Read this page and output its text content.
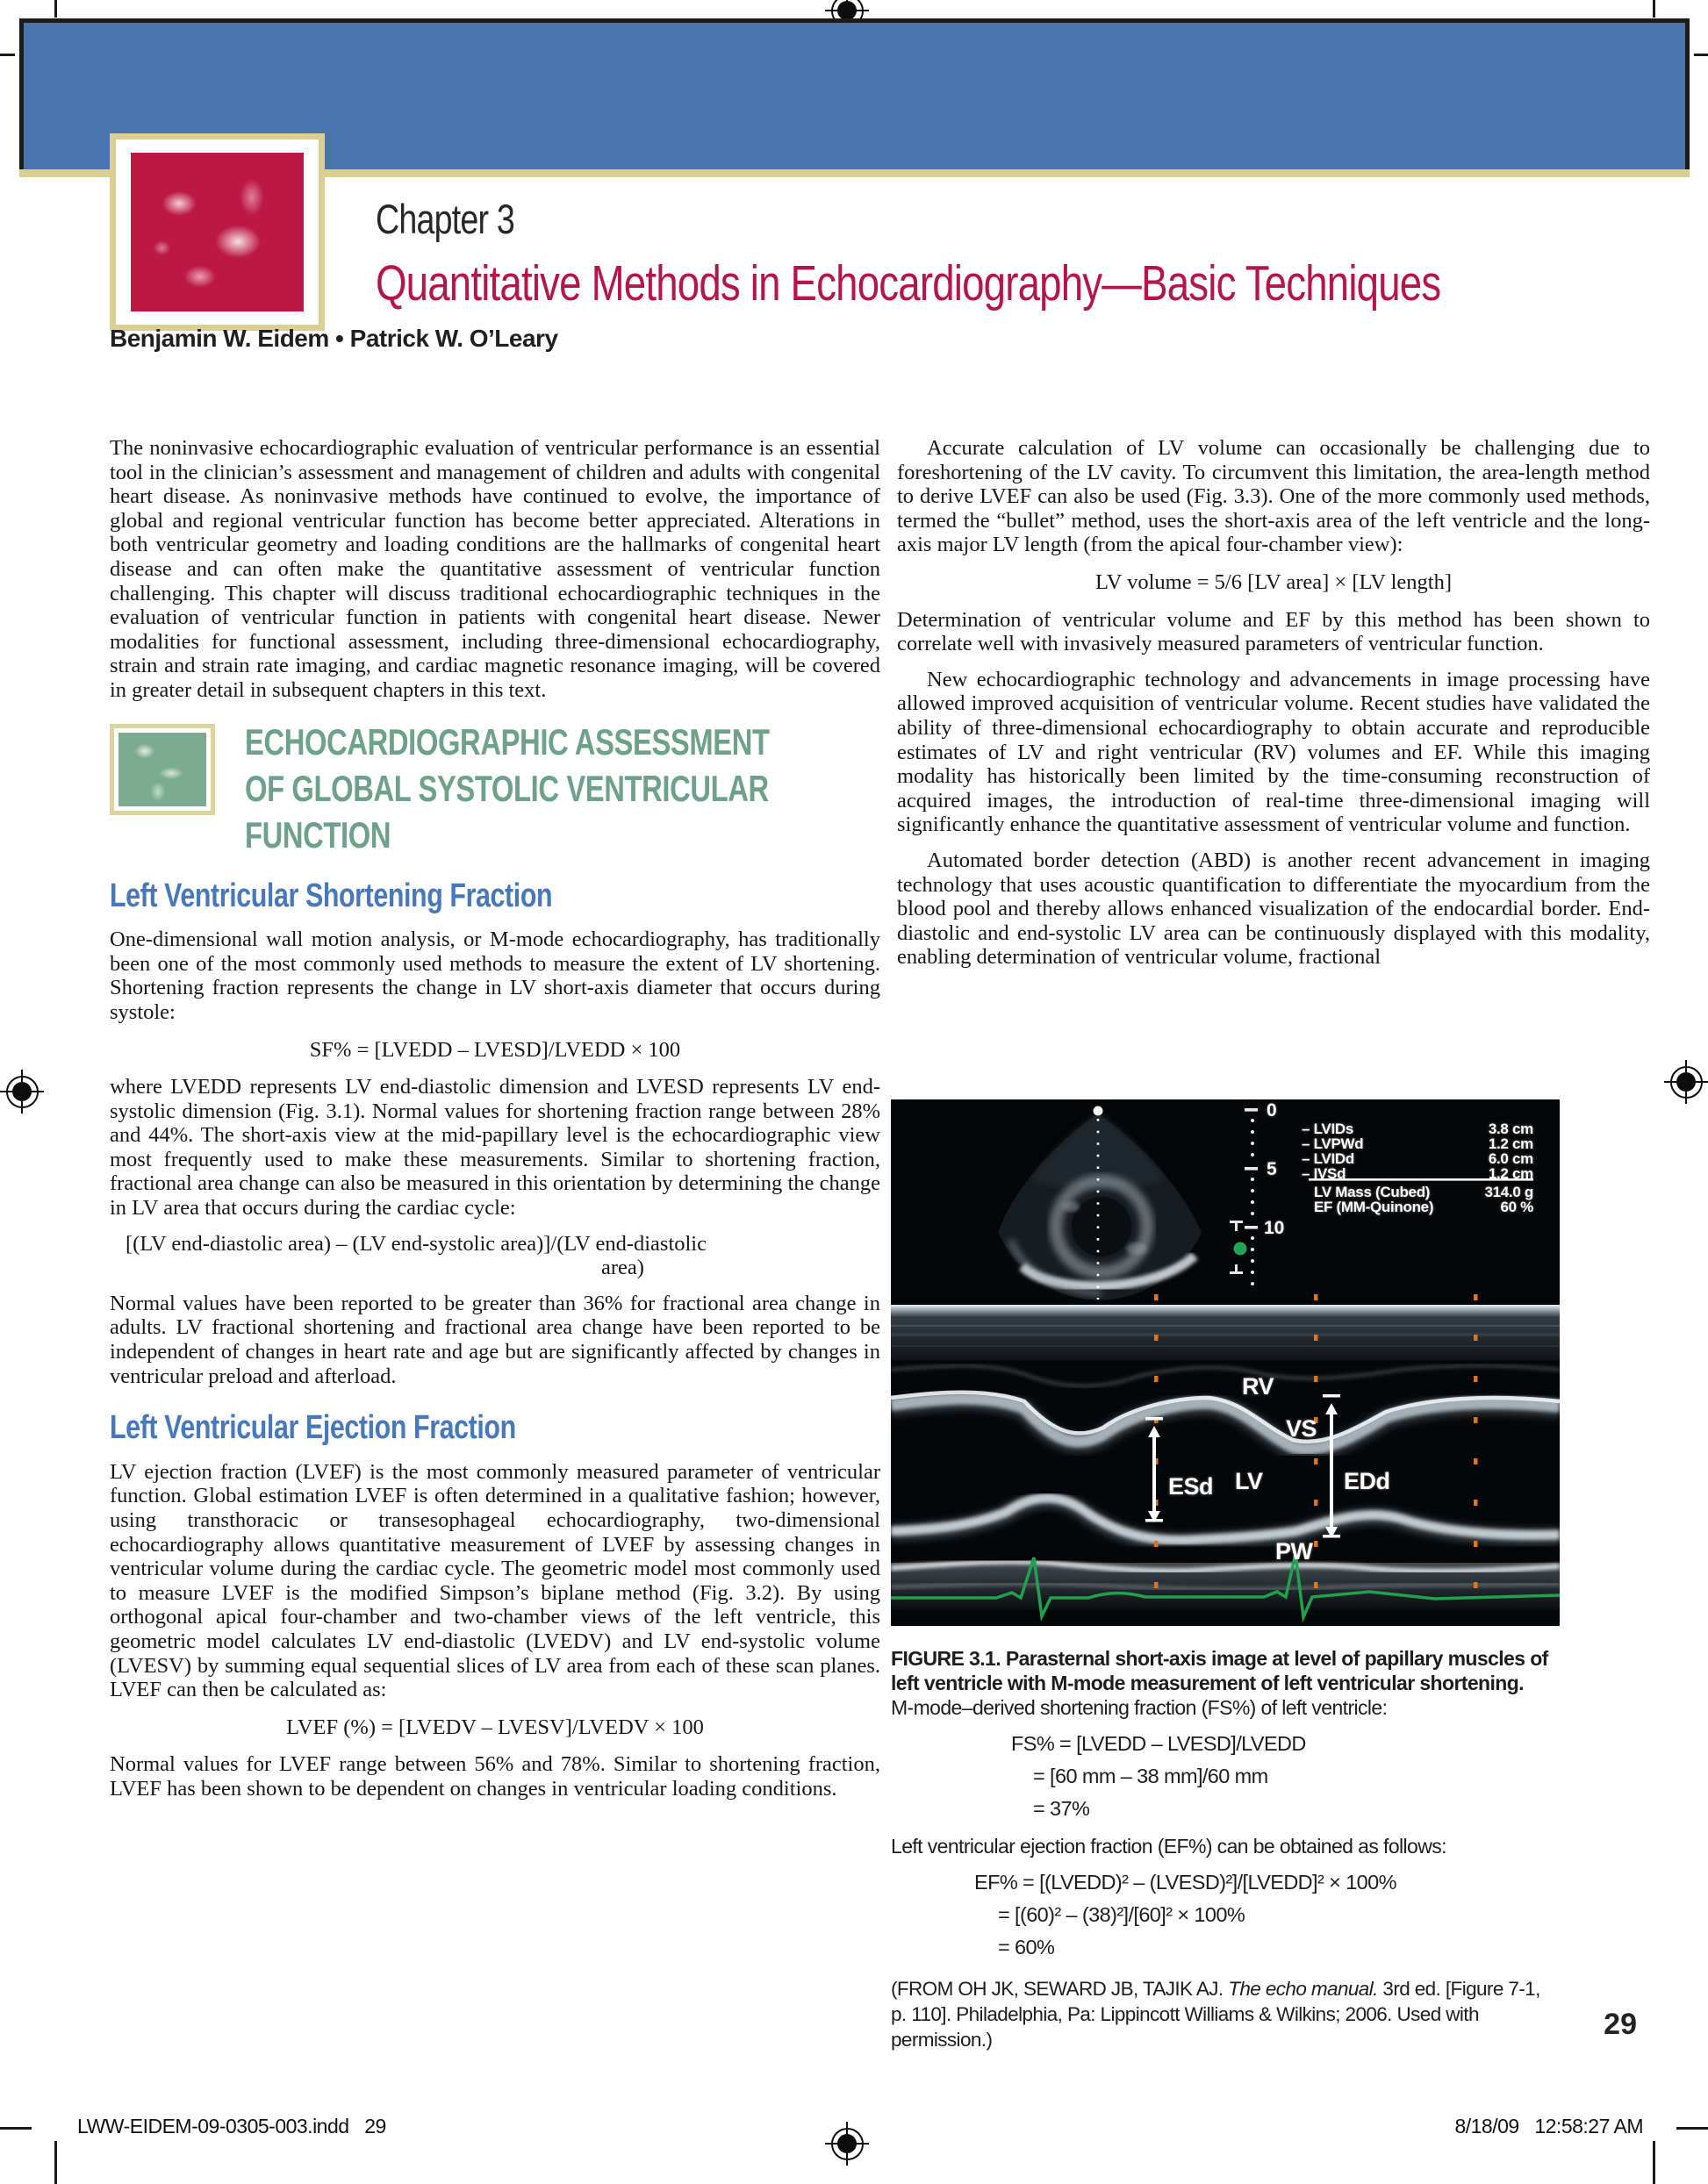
Chapter 3
Quantitative Methods in Echocardiography—Basic Techniques
Benjamin W. Eidem • Patrick W. O’Leary

The noninvasive echocardiographic evaluation of ventricular performance is an essential tool in the clinician’s assessment and management of children and adults with congenital heart disease. As noninvasive methods have continued to evolve, the importance of global and regional ventricular function has become better appreciated. Alterations in both ventricular geometry and loading conditions are the hallmarks of congenital heart disease and can often make the quantitative assessment of ventricular function challenging. This chapter will discuss traditional echocardiographic techniques in the evaluation of ventricular function in patients with congenital heart disease. Newer modalities for functional assessment, including three-dimensional echocardiography, strain and strain rate imaging, and cardiac magnetic resonance imaging, will be covered in greater detail in subsequent chapters in this text.

ECHOCARDIOGRAPHIC ASSESSMENT
OF GLOBAL SYSTOLIC VENTRICULAR
FUNCTION
Left Ventricular Shortening Fraction

One-dimensional wall motion analysis, or M-mode echocardiography, has traditionally been one of the most commonly used methods to measure the extent of LV shortening. Shortening fraction represents the change in LV short-axis diameter that occurs during systole:

SF% = [LVEDD – LVESD]/LVEDD × 100

where LVEDD represents LV end-diastolic dimension and LVESD represents LV end-systolic dimension (Fig. 3.1). Normal values for shortening fraction range between 28% and 44%. The short-axis view at the mid-papillary level is the echocardiographic view most frequently used to make these measurements. Similar to shortening fraction, fractional area change can also be measured in this orientation by determining the change in LV area that occurs during the cardiac cycle:

[(LV end-diastolic area) – (LV end-systolic area)]/(LV end-diastolic
area)

Normal values have been reported to be greater than 36% for fractional area change in adults. LV fractional shortening and fractional area change have been reported to be independent of changes in heart rate and age but are significantly affected by changes in ventricular preload and afterload.

Left Ventricular Ejection Fraction

LV ejection fraction (LVEF) is the most commonly measured parameter of ventricular function. Global estimation LVEF is often determined in a qualitative fashion; however, using transthoracic or transesophageal echocardiography, two-dimensional echocardiography allows quantitative measurement of LVEF by assessing changes in ventricular volume during the cardiac cycle. The geometric model most commonly used to measure LVEF is the modified Simpson’s biplane method (Fig. 3.2). By using orthogonal apical four-chamber and two-chamber views of the left ventricle, this geometric model calculates LV end-diastolic (LVEDV) and LV end-systolic volume (LVESV) by summing equal sequential slices of LV area from each of these scan planes. LVEF can then be calculated as:

LVEF (%) = [LVEDV – LVESV]/LVEDV × 100

Normal values for LVEF range between 56% and 78%. Similar to shortening fraction, LVEF has been shown to be dependent on changes in ventricular loading conditions.

Accurate calculation of LV volume can occasionally be challenging due to foreshortening of the LV cavity. To circumvent this limitation, the area-length method to derive LVEF can also be used (Fig. 3.3). One of the more commonly used methods, termed the “bullet” method, uses the short-axis area of the left ventricle and the long-axis major LV length (from the apical four-chamber view):

LV volume = 5/6 [LV area] × [LV length]

Determination of ventricular volume and EF by this method has been shown to correlate well with invasively measured parameters of ventricular function.

New echocardiographic technology and advancements in image processing have allowed improved acquisition of ventricular volume. Recent studies have validated the ability of three-dimensional echocardiography to obtain accurate and reproducible estimates of LV and right ventricular (RV) volumes and EF. While this imaging modality has historically been limited by the time-consuming reconstruction of acquired images, the introduction of real-time three-dimensional imaging will significantly enhance the quantitative assessment of ventricular volume and function.

Automated border detection (ABD) is another recent advancement in imaging technology that uses acoustic quantification to differentiate the myocardium from the blood pool and thereby allows enhanced visualization of the endocardial border. End-diastolic and end-systolic LV area can be continuously displayed with this modality, enabling determination of ventricular volume, fractional

0
5
10
– LVIDs	3.8 cm
– LVPWd	1.2 cm
– LVIDd	6.0 cm
– IVSd	1.2 cm
LV Mass (Cubed)	314.0 g
EF (MM-Quinone)	60 %
RV
VS
LV
ESd	EDd
PW
FIGURE 3.1. Parasternal short-axis image at level of papillary muscles of left ventricle with M-mode measurement of left ventricular shortening.
M-mode–derived shortening fraction (FS%) of left ventricle:
FS% = [LVEDD – LVESD]/LVEDD
= [60 mm – 38 mm]/60 mm
= 37%
Left ventricular ejection fraction (EF%) can be obtained as follows:
EF% = [(LVEDD)² – (LVESD)²]/[LVEDD]² × 100%
= [(60)² – (38)²]/[60]² × 100%
= 60%
(FROM OH JK, SEWARD JB, TAJIK AJ. The echo manual. 3rd ed. [Figure 7-1, p. 110]. Philadelphia, Pa: Lippincott Williams & Wilkins; 2006. Used with permission.)	29
LWW-EIDEM-09-0305-003.indd   29	8/18/09   12:58:27 AM
